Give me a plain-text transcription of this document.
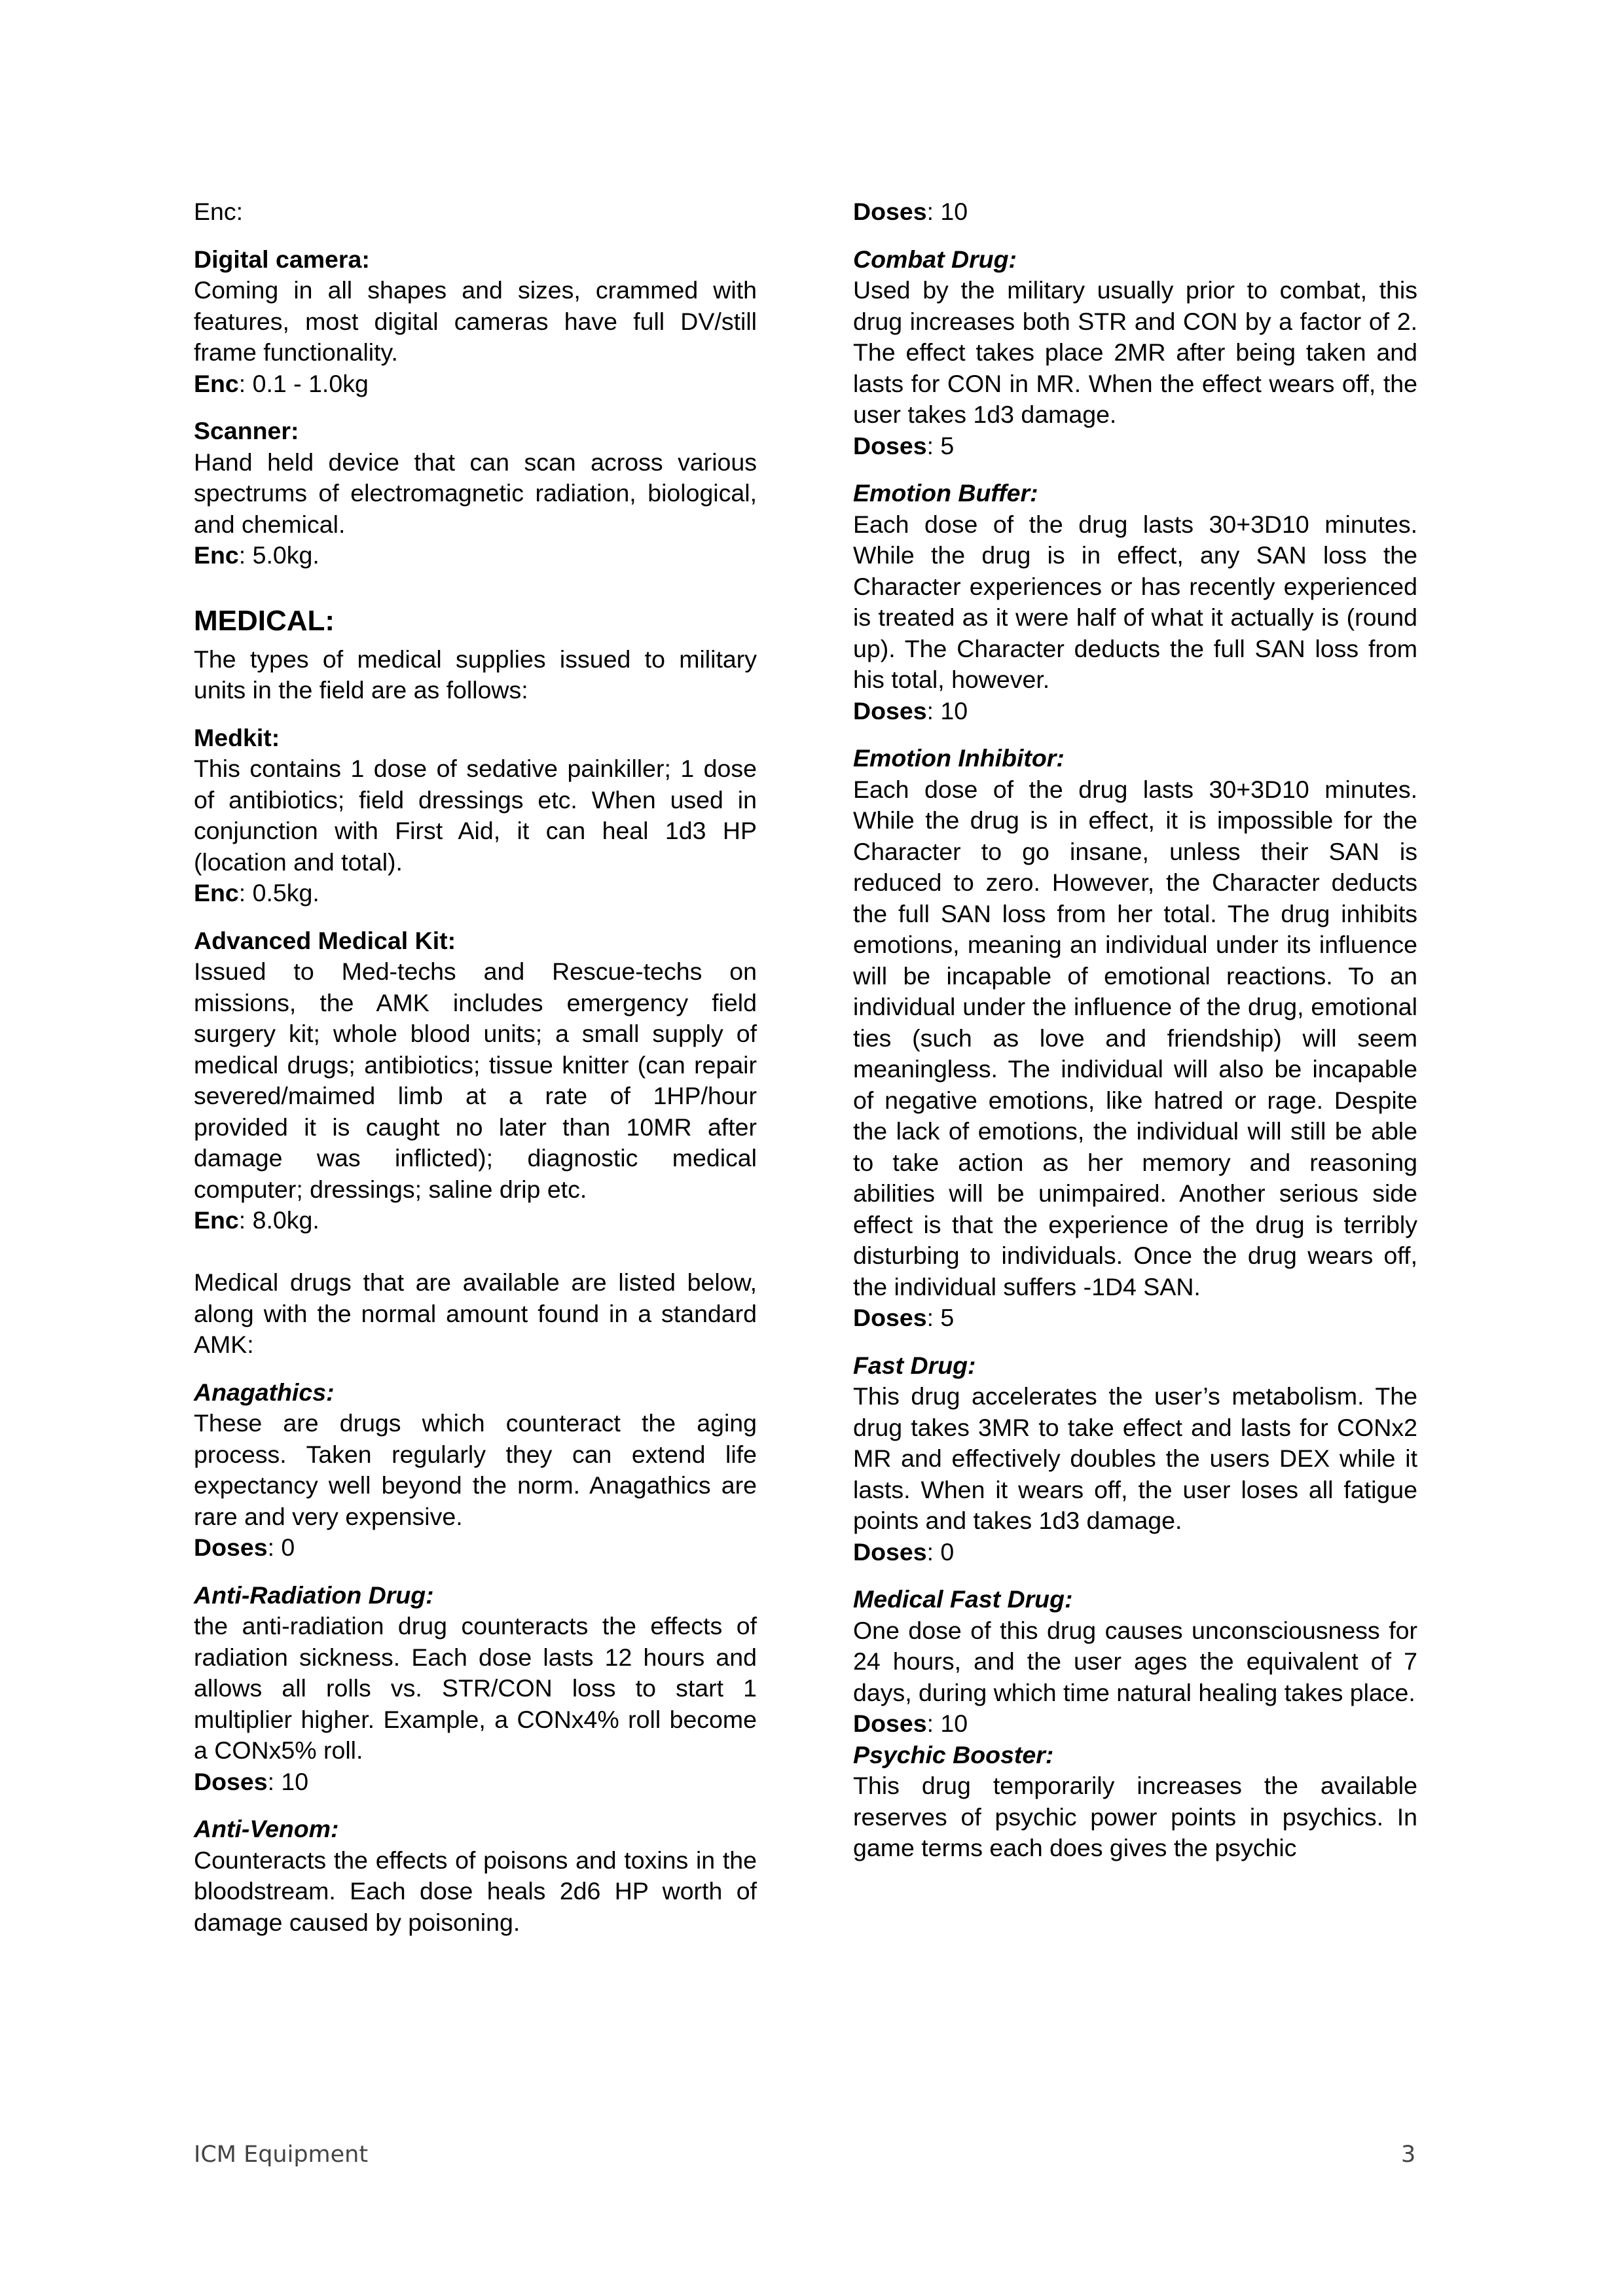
Enc:

Digital camera:

Coming in all shapes and sizes, crammed with features, most digital cameras have full DV/still frame functionality.

Enc: 0.1 - 1.0kg

Scanner:

Hand held device that can scan across various spectrums of electromagnetic radiation, biological, and chemical.

Enc: 5.0kg.

MEDICAL:

The types of medical supplies issued to military units in the field are as follows:

Medkit:

This contains 1 dose of sedative painkiller; 1 dose of antibiotics; field dressings etc. When used in conjunction with First Aid, it can heal 1d3 HP (location and total).

Enc: 0.5kg.

Advanced Medical Kit:

Issued to Med-techs and Rescue-techs on missions, the AMK includes emergency field surgery kit; whole blood units; a small supply of medical drugs; antibiotics; tissue knitter (can repair severed/maimed limb at a rate of 1HP/hour provided it is caught no later than 10MR after damage was inflicted); diagnostic medical computer; dressings; saline drip etc.

Enc: 8.0kg.

Medical drugs that are available are listed below, along with the normal amount found in a standard AMK:

Anagathics:

These are drugs which counteract the aging process. Taken regularly they can extend life expectancy well beyond the norm. Anagathics are rare and very expensive.

Doses: 0

Anti-Radiation Drug:

the anti-radiation drug counteracts the effects of radiation sickness. Each dose lasts 12 hours and allows all rolls vs. STR/CON loss to start 1 multiplier higher. Example, a CONx4% roll become a CONx5% roll.

Doses: 10

Anti-Venom:

Counteracts the effects of poisons and toxins in the bloodstream. Each dose heals 2d6 HP worth of damage caused by poisoning.

Doses: 10

Combat Drug:

Used by the military usually prior to combat, this drug increases both STR and CON by a factor of 2. The effect takes place 2MR after being taken and lasts for CON in MR. When the effect wears off, the user takes 1d3 damage.

Doses: 5

Emotion Buffer:

Each dose of the drug lasts 30+3D10 minutes. While the drug is in effect, any SAN loss the Character experiences or has recently experienced is treated as it were half of what it actually is (round up). The Character deducts the full SAN loss from his total, however.

Doses: 10

Emotion Inhibitor:

Each dose of the drug lasts 30+3D10 minutes. While the drug is in effect, it is impossible for the Character to go insane, unless their SAN is reduced to zero. However, the Character deducts the full SAN loss from her total. The drug inhibits emotions, meaning an individual under its influence will be incapable of emotional reactions. To an individual under the influence of the drug, emotional ties (such as love and friendship) will seem meaningless. The individual will also be incapable of negative emotions, like hatred or rage. Despite the lack of emotions, the individual will still be able to take action as her memory and reasoning abilities will be unimpaired. Another serious side effect is that the experience of the drug is terribly disturbing to individuals. Once the drug wears off, the individual suffers -1D4 SAN.

Doses: 5

Fast Drug:

This drug accelerates the user’s metabolism. The drug takes 3MR to take effect and lasts for CONx2 MR and effectively doubles the users DEX while it lasts. When it wears off, the user loses all fatigue points and takes 1d3 damage.

Doses: 0

Medical Fast Drug:

One dose of this drug causes unconsciousness for 24 hours, and the user ages the equivalent of 7 days, during which time natural healing takes place.

Doses: 10

Psychic Booster:

This drug temporarily increases the available reserves of psychic power points in psychics. In game terms each does gives the psychic

ICM Equipment	3
